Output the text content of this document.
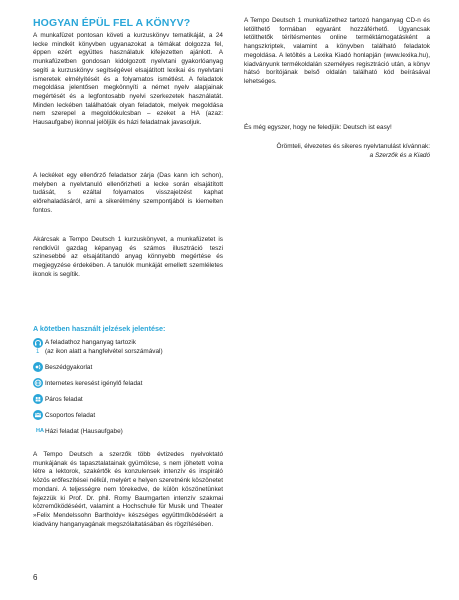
HOGYAN ÉPÜL FEL A KÖNYV?

A munkafüzet pontosan követi a kurzuskönyv tematikáját, a 24 lecke mindkét könyvben ugyanazokat a témákat dolgozza fel, éppen ezért együttes használatuk kifejezetten ajánlott. A munkafüzetben gondosan kidolgozott nyelvtani gyakorlóanyag segíti a kurzuskönyv segítségével elsajátított lexikai és nyelvtani ismeretek elmélyítését és a folyamatos ismétlést. A feladatok megoldása jelentősen megkönnyíti a német nyelv alapjainak megértését és a legfontosabb nyelvi szerkezetek használatát. Minden leckében találhatóak olyan feladatok, melyek megoldása nem szerepel a megoldókulcsban – ezeket a HA (azaz: Hausaufgabe) ikonnal jelöljük és házi feladatnak javasoljuk.

A leckéket egy ellenőrző feladatsor zárja (Das kann ich schon), melyben a nyelvtanuló ellenőrizheti a lecke során elsajátított tudását, s ezáltal folyamatos visszajelzést kaphat előrehaladásáról, ami a sikerélmény szempontjából is kiemelten fontos.

Akárcsak a Tempo Deutsch 1 kurzuskönyvet, a munkafüzetet is rendkívül gazdag képanyag és számos illusztráció teszi színesebbé az elsajátítandó anyag könnyebb megértése és megjegyzése érdekében. A tanulók munkáját emellett szemléletes ikonok is segítik.

A kötetben használt jelzések jelentése:
1
A feladathoz hanganyag tartozik
(az ikon alatt a hangfelvétel sorszámával)
Beszédgyakorlat
Internetes keresést igénylő feladat
Páros feladat
Csoportos feladat
HA Házi feladat (Hausaufgabe)

A Tempo Deutsch a szerzők több évtizedes nyelvoktató munkájának és tapasztalatainak gyümölcse, s nem jöhetett volna létre a lektorok, szakértők és konzulensek intenzív és inspiráló közös erőfeszítései nélkül, melyért e helyen szeretnénk köszönetet mondani. A teljességre nem törekedve, de külön köszönetünket fejezzük ki Prof. Dr. phil. Romy Baumgarten intenzív szakmai közreműködéséért, valamint a Hochschule für Musik und Theater »Felix Mendelssohn Bartholdy« készséges együttműködéséért a kiadvány hanganyagának megszólaltatásában és rögzítésében.

A Tempo Deutsch 1 munkafüzethez tartozó hanganyag CD-n és letölthető formában egyaránt hozzáférhető. Ugyancsak letölthetők térítésmentes online terméktámogatásként a hangszkriptek, valamint a könyvben található feladatok megoldása. A letöltés a Lexika Kiadó honlapján (www.lexika.hu), kiadványunk termékoldalán személyes regisztráció után, a könyv hátsó borítójának belső oldalán található kód beírásával lehetséges.

És még egyszer, hogy ne feledjük: Deutsch ist easy!

Örömteli, élvezetes és sikeres nyelvtanulást kívánnak:

a Szerzők és a Kiadó

6
